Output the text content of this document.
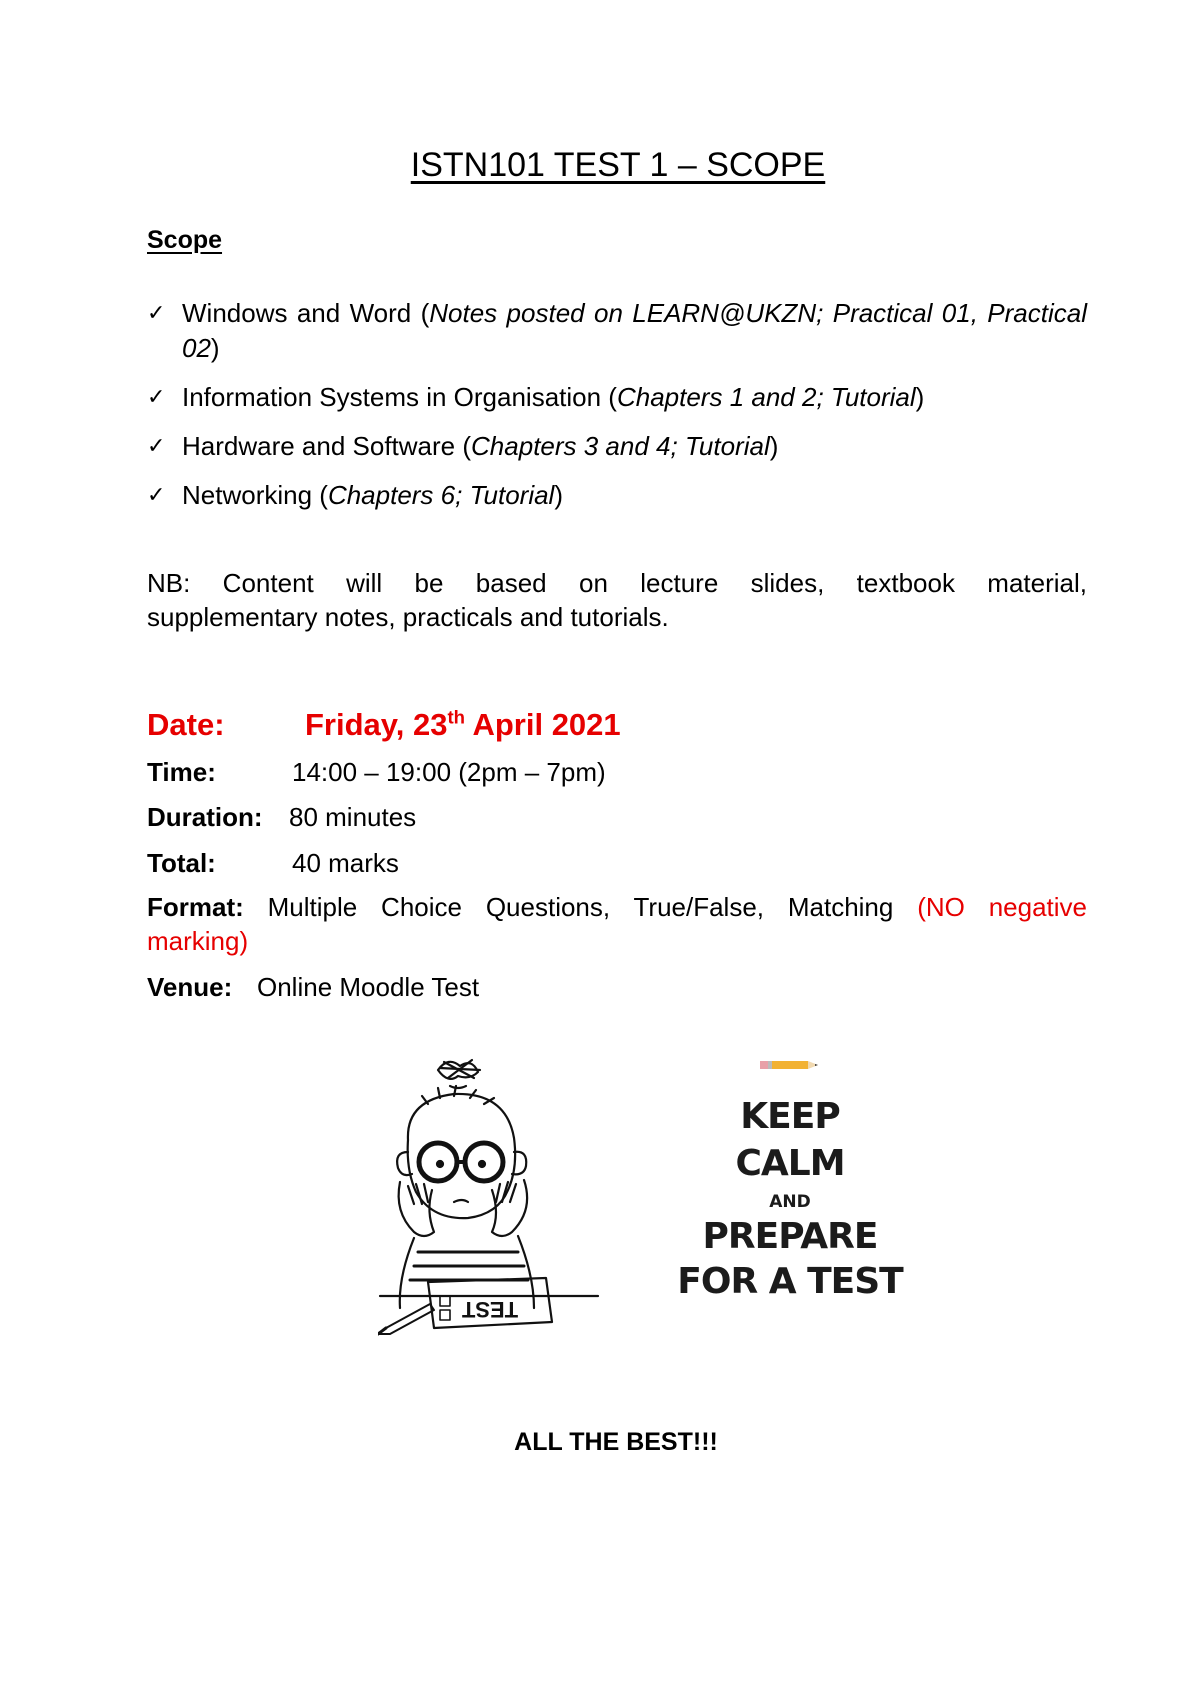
ISTN101 TEST 1 – SCOPE
Scope
✓ Windows and Word (Notes posted on LEARN@UKZN; Practical 01, Practical 02)
✓ Information Systems in Organisation (Chapters 1 and 2; Tutorial)
✓ Hardware and Software (Chapters 3 and 4; Tutorial)
✓ Networking (Chapters 6; Tutorial)
NB: Content will be based on lecture slides, textbook material,
supplementary notes, practicals and tutorials.
Date:	Friday, 23th April 2021
Time:	14:00 – 19:00 (2pm – 7pm)
Duration: 80 minutes
Total:	40 marks
Format: Multiple Choice Questions, True/False, Matching (NO negative
marking)
Venue: Online Moodle Test
TEST
KEEP
CALM
AND
PREPARE
FOR A TEST
ALL THE BEST!!!
